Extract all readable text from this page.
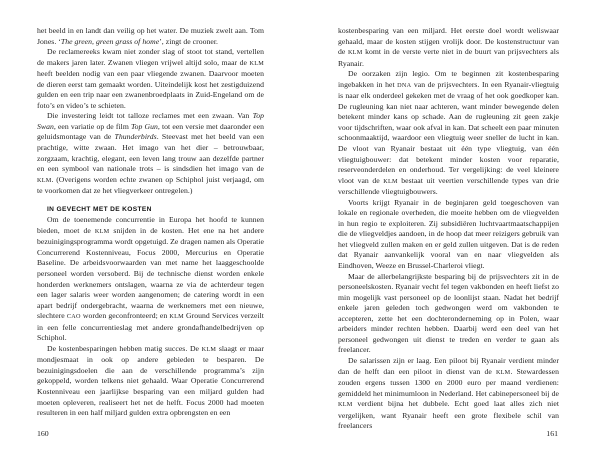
het beeld in en landt dan veilig op het water. De muziek zwelt aan. Tom Jones. ‘The green, green grass of home’, zingt de crooner.

De reclamereeks kwam niet zonder slag of stoot tot stand, vertellen de makers jaren later. Zwanen vliegen vrijwel altijd solo, maar de KLM heeft beelden nodig van een paar vliegende zwanen. Daarvoor moeten de dieren eerst tam gemaakt worden. Uiteindelijk kost het zestigduizend gulden en een trip naar een zwanenbroedplaats in Zuid-Engeland om de foto’s en video’s te schieten.

Die investering leidt tot talloze reclames met een zwaan. Van Top Swan, een variatie op de film Top Gun, tot een versie met daaronder een geluidsmontage van de Thunderbirds. Steevast met het beeld van een prachtige, witte zwaan. Het imago van het dier – betrouwbaar, zorgzaam, krachtig, elegant, een leven lang trouw aan dezelfde partner en een symbool van nationale trots – is sindsdien het imago van de KLM. (Overigens worden echte zwanen op Schiphol juist verjaagd, om te voorkomen dat ze het vliegverkeer ontregelen.)

IN GEVECHT MET DE KOSTEN

Om de toenemende concurrentie in Europa het hoofd te kunnen bieden, moet de KLM snijden in de kosten. Het ene na het andere bezuinigingsprogramma wordt opgetuigd. Ze dragen namen als Operatie Concurrerend Kostenniveau, Focus 2000, Mercurius en Operatie Baseline. De arbeidsvoorwaarden van met name het laaggeschoolde personeel worden versoberd. Bij de technische dienst worden enkele honderden werknemers ontslagen, waarna ze via de achterdeur tegen een lager salaris weer worden aangenomen; de catering wordt in een apart bedrijf ondergebracht, waarna de werknemers met een nieuwe, slechtere CAO worden geconfronteerd; en KLM Ground Services verzeilt in een felle concurrentieslag met andere grondafhandelbedrijven op Schiphol.

De kostenbesparingen hebben matig succes. De KLM slaagt er maar mondjesmaat in ook op andere gebieden te besparen. De bezuinigingsdoelen die aan de verschillende programma’s zijn gekoppeld, worden telkens niet gehaald. Waar Operatie Concurrerend Kostenniveau een jaarlijkse besparing van een miljard gulden had moeten opleveren, realiseert het net de helft. Focus 2000 had moeten resulteren in een half miljard gulden extra opbrengsten en een

kostenbesparing van een miljard. Het eerste doel wordt weliswaar gehaald, maar de kosten stijgen vrolijk door. De kostenstructuur van de KLM komt in de verste verte niet in de buurt van prijsvechters als Ryanair.

De oorzaken zijn legio. Om te beginnen zit kostenbesparing ingebakken in het DNA van de prijsvechters. In een Ryanair-vliegtuig is naar elk onderdeel gekeken met de vraag of het ook goedkoper kan. De rugleuning kan niet naar achteren, want minder bewegende delen betekent minder kans op schade. Aan de rugleuning zit geen zakje voor tijdschriften, waar ook afval in kan. Dat scheelt een paar minuten schoonmaaktijd, waardoor een vliegtuig weer sneller de lucht in kan. De vloot van Ryanair bestaat uit één type vliegtuig, van één vliegtuigbouwer: dat betekent minder kosten voor reparatie, reserveonderdelen en onderhoud. Ter vergelijking: de veel kleinere vloot van de KLM bestaat uit veertien verschillende types van drie verschillende vliegtuigbouwers.

Voorts krijgt Ryanair in de beginjaren geld toegeschoven van lokale en regionale overheden, die moeite hebben om de vliegvelden in hun regio te exploiteren. Zij subsidiëren luchtvaartmaatschappijen die de vliegveldjes aandoen, in de hoop dat meer reizigers gebruik van het vliegveld zullen maken en er geld zullen uitgeven. Dat is de reden dat Ryanair aanvankelijk vooral van en naar vliegvelden als Eindhoven, Weeze en Brussel-Charleroi vliegt.

Maar de allerbelangrijkste besparing bij de prijsvechters zit in de personeelskosten. Ryanair vecht fel tegen vakbonden en heeft liefst zo min mogelijk vast personeel op de loonlijst staan. Nadat het bedrijf enkele jaren geleden toch gedwongen werd om vakbonden te accepteren, zette het een dochteronderneming op in Polen, waar arbeiders minder rechten hebben. Daarbij werd een deel van het personeel gedwongen uit dienst te treden en verder te gaan als freelancer.

De salarissen zijn er laag. Een piloot bij Ryanair verdient minder dan de helft dan een piloot in dienst van de KLM. Stewardessen zouden ergens tussen 1300 en 2000 euro per maand verdienen: gemiddeld het minimumloon in Nederland. Het cabinepersoneel bij de KLM verdient bijna het dubbele. Echt goed laat alles zich niet vergelijken, want Ryanair heeft een grote flexibele schil van freelancers

160	161
